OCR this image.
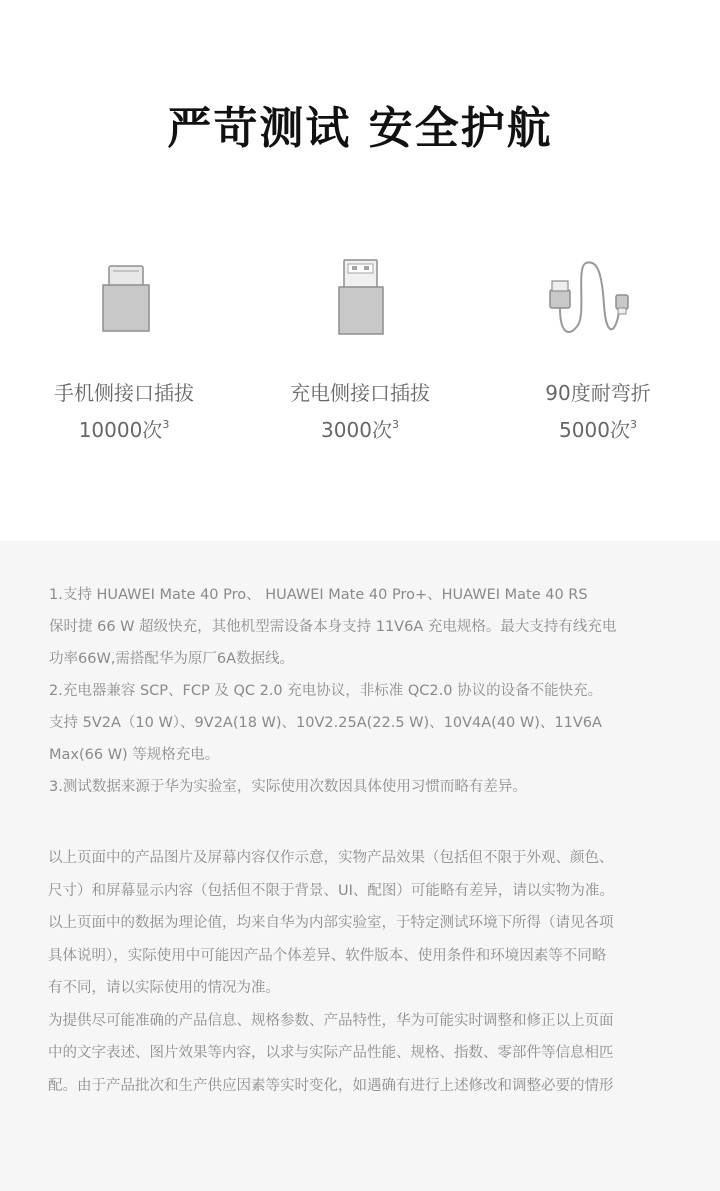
严苛测试 安全护航
手机侧接口插拔
10000次$^3$
充电侧接口插拔
3000次$^3$
90度耐弯折
5000次$^3$
1.支持 HUAWEI Mate 40 Pro、 HUAWEI Mate 40 Pro+、HUAWEI Mate 40 RS
保时捷 66 W 超级快充，其他机型需设备本身支持 11V6A 充电规格。最大支持有线充电
功率66W,需搭配华为原厂6A数据线。
2.充电器兼容 SCP、FCP 及 QC 2.0 充电协议，非标准 QC2.0 协议的设备不能快充。
支持 5V2A（10 W）、9V2A(18 W)、10V2.25A(22.5 W)、10V4A(40 W)、11V6A
Max(66 W) 等规格充电。
3.测试数据来源于华为实验室，实际使用次数因具体使用习惯而略有差异。
以上页面中的产品图片及屏幕内容仅作示意，实物产品效果（包括但不限于外观、颜色、
尺寸）和屏幕显示内容（包括但不限于背景、UI、配图）可能略有差异，请以实物为准。
以上页面中的数据为理论值，均来自华为内部实验室，于特定测试环境下所得（请见各项
具体说明），实际使用中可能因产品个体差异、软件版本、使用条件和环境因素等不同略
有不同，请以实际使用的情况为准。
为提供尽可能准确的产品信息、规格参数、产品特性，华为可能实时调整和修正以上页面
中的文字表述、图片效果等内容，以求与实际产品性能、规格、指数、零部件等信息相匹
配。由于产品批次和生产供应因素等实时变化，如遇确有进行上述修改和调整必要的情形
